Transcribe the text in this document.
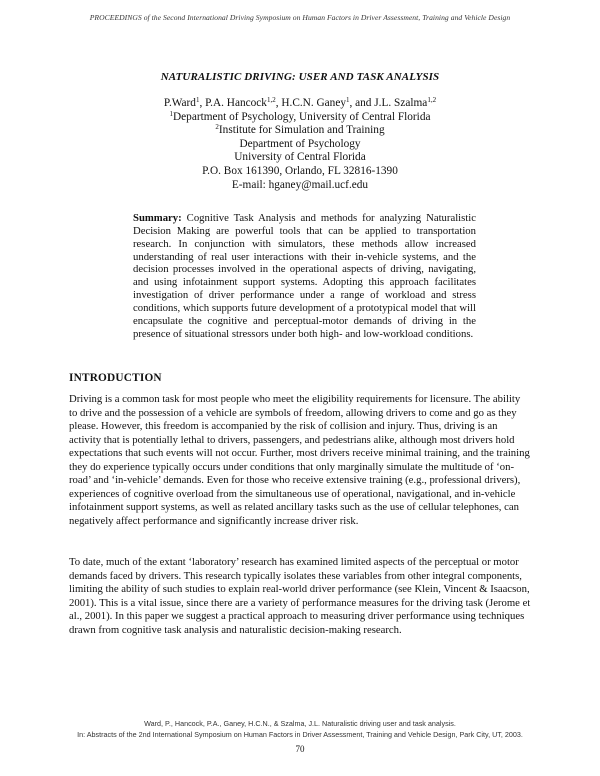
PROCEEDINGS of the Second International Driving Symposium on Human Factors in Driver Assessment, Training and Vehicle Design
NATURALISTIC DRIVING: USER AND TASK ANALYSIS
P.Ward$^1$, P.A. Hancock$^{1,2}$, H.C.N. Ganey$^1$, and J.L. Szalma$^{1,2}$
$^1$Department of Psychology, University of Central Florida
$^2$Institute for Simulation and Training
Department of Psychology
University of Central Florida
P.O. Box 161390, Orlando, FL 32816-1390
E-mail: hganey@mail.ucf.edu
Summary: Cognitive Task Analysis and methods for analyzing Naturalistic Decision Making are powerful tools that can be applied to transportation research. In conjunction with simulators, these methods allow increased understanding of real user interactions with their in-vehicle systems, and the decision processes involved in the operational aspects of driving, navigating, and using infotainment support systems. Adopting this approach facilitates investigation of driver performance under a range of workload and stress conditions, which supports future development of a prototypical model that will encapsulate the cognitive and perceptual-motor demands of driving in the presence of situational stressors under both high- and low-workload conditions.
INTRODUCTION
Driving is a common task for most people who meet the eligibility requirements for licensure. The ability to drive and the possession of a vehicle are symbols of freedom, allowing drivers to come and go as they please. However, this freedom is accompanied by the risk of collision and injury. Thus, driving is an activity that is potentially lethal to drivers, passengers, and pedestrians alike, although most drivers hold expectations that such events will not occur. Further, most drivers receive minimal training, and the training they do experience typically occurs under conditions that only marginally simulate the multitude of ‘on-road’ and ‘in-vehicle’ demands. Even for those who receive extensive training (e.g., professional drivers), experiences of cognitive overload from the simultaneous use of operational, navigational, and in-vehicle infotainment support systems, as well as related ancillary tasks such as the use of cellular telephones, can negatively affect performance and significantly increase driver risk.
To date, much of the extant ‘laboratory’ research has examined limited aspects of the perceptual or motor demands faced by drivers. This research typically isolates these variables from other integral components, limiting the ability of such studies to explain real-world driver performance (see Klein, Vincent & Isaacson, 2001). This is a vital issue, since there are a variety of performance measures for the driving task (Jerome et al., 2001). In this paper we suggest a practical approach to measuring driver performance using techniques drawn from cognitive task analysis and naturalistic decision-making research.
Ward, P., Hancock, P.A., Ganey, H.C.N., & Szalma, J.L. Naturalistic driving user and task analysis.
In: Abstracts of the 2nd International Symposium on Human Factors in Driver Assessment, Training and Vehicle Design, Park City, UT, 2003.
70
